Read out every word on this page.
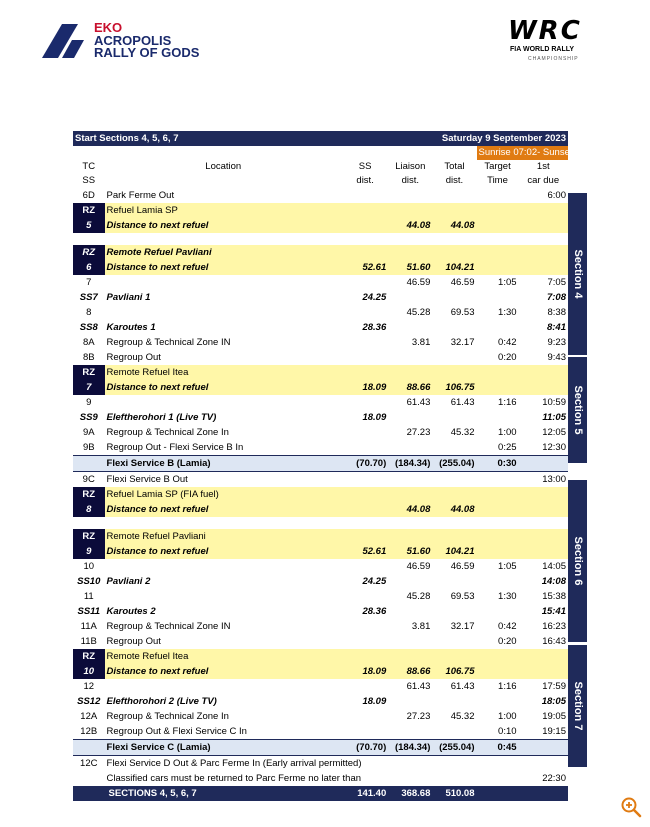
EKO
ACROPOLIS
RALLY OF GODS
WRC
FIA WORLD RALLY
CHAMPIONSHIP
Start Sections 4, 5, 6, 7				Saturday 9 September 2023		
					Sunrise 07:02- Sunset 19:45	
TC	Location	SS	Liaison	Total	Target	1st
SS		dist.	dist.	dist.	Time	car due
6D	Park Ferme Out					6:00
RZ	Refuel Lamia SP					
5	Distance to next refuel		44.08	44.08		

RZ	Remote Refuel Pavliani					
6	Distance to next refuel	52.61	51.60	104.21		
7			46.59	46.59	1:05	7:05
SS7	Pavliani 1	24.25				7:08
8			45.28	69.53	1:30	8:38
SS8	Karoutes 1	28.36				8:41
8A	Regroup & Technical Zone IN		3.81	32.17	0:42	9:23
8B	Regroup Out				0:20	9:43
RZ	Remote Refuel Itea					
7	Distance to next refuel	18.09	88.66	106.75		
9			61.43	61.43	1:16	10:59
SS9	Eleftherohori 1 (Live TV)	18.09				11:05
9A	Regroup & Technical Zone In		27.23	45.32	1:00	12:05
9B	Regroup Out - Flexi Service B In				0:25	12:30
	Flexi Service B (Lamia)	(70.70)	(184.34)	(255.04)	0:30	
9C	Flexi Service B Out					13:00
RZ	Refuel Lamia SP (FIA fuel)					
8	Distance to next refuel		44.08	44.08		

RZ	Remote Refuel Pavliani					
9	Distance to next refuel	52.61	51.60	104.21		
10			46.59	46.59	1:05	14:05
SS10	Pavliani 2	24.25				14:08
11			45.28	69.53	1:30	15:38
SS11	Karoutes 2	28.36				15:41
11A	Regroup & Technical Zone IN		3.81	32.17	0:42	16:23
11B	Regroup Out				0:20	16:43
RZ	Remote Refuel Itea					
10	Distance to next refuel	18.09	88.66	106.75		
12			61.43	61.43	1:16	17:59
SS12	Elefthorohori 2 (Live TV)	18.09				18:05
12A	Regroup & Technical Zone In		27.23	45.32	1:00	19:05
12B	Regroup Out & Flexi Service C In				0:10	19:15
	Flexi Service C (Lamia)	(70.70)	(184.34)	(255.04)	0:45	
12C	Flexi Service D Out & Parc Ferme In (Early arrival permitted)					
	Classified cars must be returned to Parc Ferme no later than					22:30
	SECTIONS 4, 5, 6, 7	141.40	368.68	510.08		
Section 4
Section 5
Section 6
Section 7
